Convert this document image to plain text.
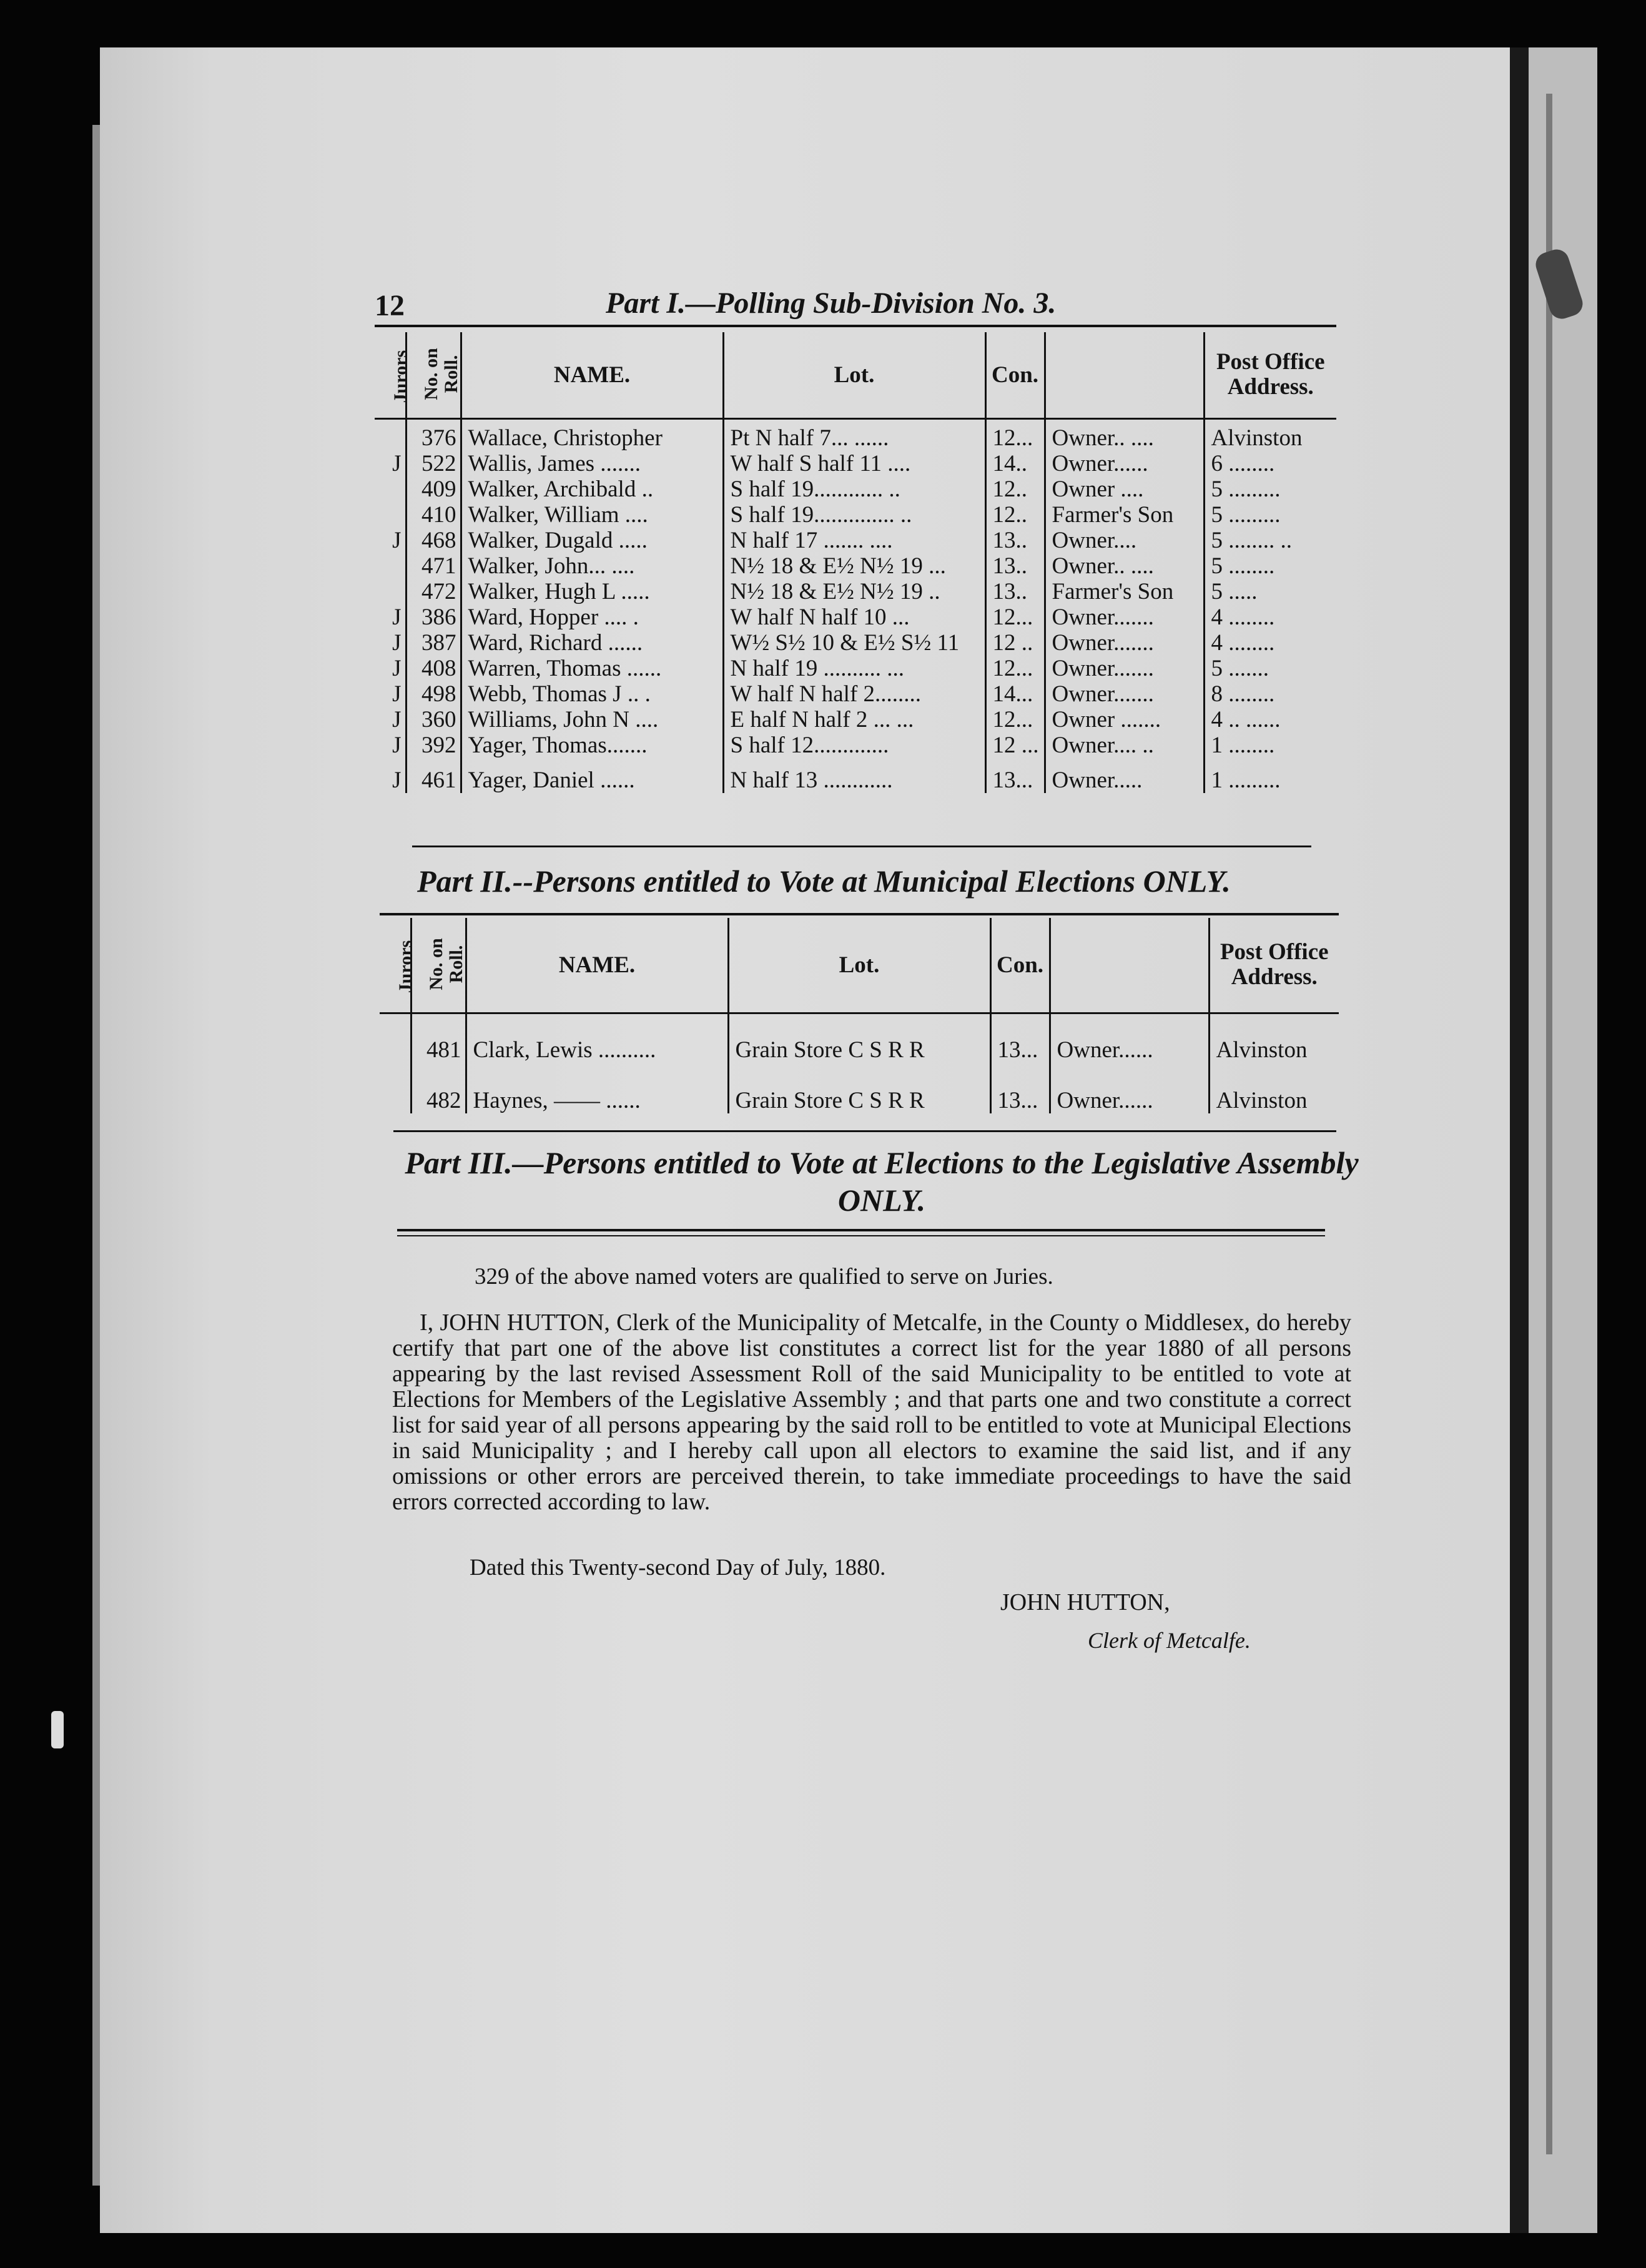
12	Part I.—Polling Sub-Division No. 3.
Jurors	No. on Roll.	NAME.	Lot.	Con.		Post Office Address.
	376	Wallace, Christopher	Pt N half 7... ......	12...	Owner.. ....	Alvinston
J	522	Wallis, James .......	W half S half 11 ....	14..	Owner......	6 ........
	409	Walker, Archibald ..	S half 19............ ..	12..	Owner ....	5 .........
	410	Walker, William ....	S half 19.............. ..	12..	Farmer's Son	5 .........
J	468	Walker, Dugald .....	N half 17 ....... ....	13..	Owner....	5 ........ ..
	471	Walker, John... ....	N½ 18 & E½ N½ 19 ...	13..	Owner.. ....	5 ........
	472	Walker, Hugh L .....	N½ 18 & E½ N½ 19 ..	13..	Farmer's Son	5 .....
J	386	Ward, Hopper .... .	W half N half 10 ...	12...	Owner.......	4 ........
J	387	Ward, Richard ......	W½ S½ 10 & E½ S½ 11	12 ..	Owner.......	4 ........
J	408	Warren, Thomas ......	N half 19 .......... ...	12...	Owner.......	5 .......
J	498	Webb, Thomas J .. .	W half N half 2........	14...	Owner.......	8 ........
J	360	Williams, John N ....	E half N half 2 ... ...	12...	Owner .......	4 .. ......
J	392	Yager, Thomas.......	S half 12.............	12 ...	Owner.... ..	1 ........
J	461	Yager, Daniel ......	N half 13 ............	13...	Owner.....	1 .........
Part II.--Persons entitled to Vote at Municipal Elections ONLY.
Jurors	No. on Roll.	NAME.	Lot.	Con.		Post Office Address.
	481	Clark, Lewis ..........	Grain Store C S R R	13...	Owner......	Alvinston
	482	Haynes, —— ......	Grain Store C S R R	13...	Owner......	Alvinston
Part III.—Persons entitled to Vote at Elections to the Legislative Assembly ONLY.
329 of the above named voters are qualified to serve on Juries.
I, JOHN HUTTON, Clerk of the Municipality of Metcalfe, in the County o Middlesex, do hereby certify that part one of the above list constitutes a correct list for the year 1880 of all persons appearing by the last revised Assessment Roll of the said Municipality to be entitled to vote at Elections for Members of the Legislative Assembly ; and that parts one and two constitute a correct list for said year of all persons appearing by the said roll to be entitled to vote at Municipal Elections in said Municipality ; and I hereby call upon all electors to examine the said list, and if any omissions or other errors are perceived therein, to take immediate proceedings to have the said errors corrected according to law.
Dated this Twenty-second Day of July, 1880.
JOHN HUTTON,
Clerk of Metcalfe.
